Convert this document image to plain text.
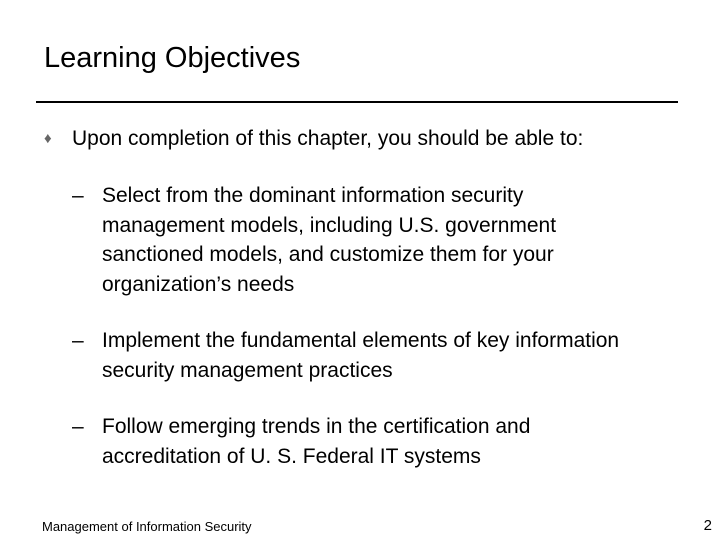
Learning Objectives
♦ Upon completion of this chapter, you should be able to:
– Select from the dominant information security management models, including U.S. government sanctioned models, and customize them for your organization’s needs
– Implement the fundamental elements of key information security management practices
– Follow emerging trends in the certification and accreditation of U. S. Federal IT systems
Management of Information Security	2
